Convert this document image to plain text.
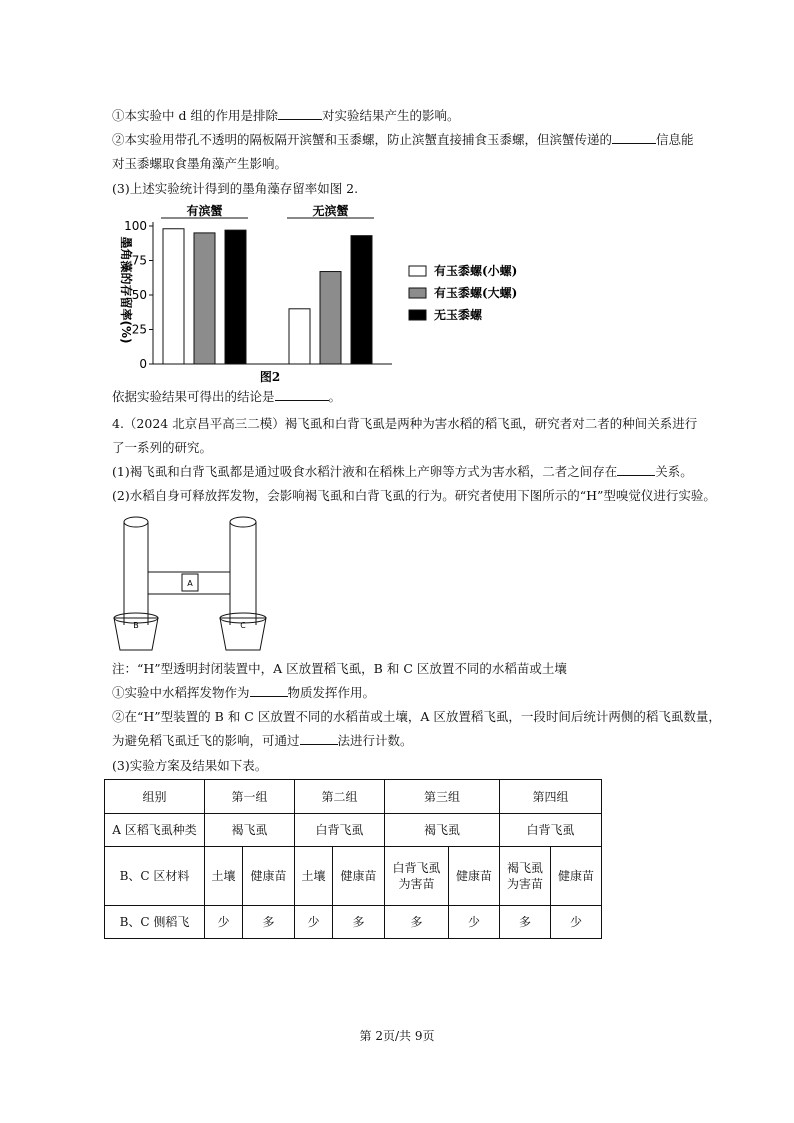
①本实验中 d 组的作用是排除	对实验结果产生的影响。
②本实验用带孔不透明的隔板隔开滨蟹和玉黍螺，防止滨蟹直接捕食玉黍螺，但滨蟹传递的	信息能
对玉黍螺取食墨角藻产生影响。
(3)上述实验统计得到的墨角藻存留率如图 2.
有滨蟹	无滨蟹
0
25
50
75
100
有玉黍螺(小螺)
有玉黍螺(大螺)
无玉黍螺
墨角藻的存留率(%)
图2
依据实验结果可得出的结论是	。
4.（2024 北京昌平高三二模）褐飞虱和白背飞虱是两种为害水稻的稻飞虱，研究者对二者的种间关系进行
了一系列的研究。
(1)褐飞虱和白背飞虱都是通过吸食水稻汁液和在稻株上产卵等方式为害水稻，二者之间存在	关系。
(2)水稻自身可释放挥发物，会影响褐飞虱和白背飞虱的行为。研究者使用下图所示的“H”型嗅觉仪进行实验。
A
B	C
注：“H”型透明封闭装置中，A 区放置稻飞虱，B 和 C 区放置不同的水稻苗或土壤
①实验中水稻挥发物作为	物质发挥作用。
②在“H”型装置的 B 和 C 区放置不同的水稻苗或土壤，A 区放置稻飞虱，一段时间后统计两侧的稻飞虱数量，
为避免稻飞虱迁飞的影响，可通过	法进行计数。
(3)实验方案及结果如下表。
组别	第一组		第二组		第三组		第四组	
A 区稻飞虱种类	褐飞虱		白背飞虱		褐飞虱		白背飞虱	
B、C 区材料	土壤	健康苗	土壤	健康苗	白背飞虱为害苗	健康苗	褐飞虱为害苗	健康苗
B、C 侧稻飞	少	多	少	多	多	少	多	少
第 2页/共 9页
